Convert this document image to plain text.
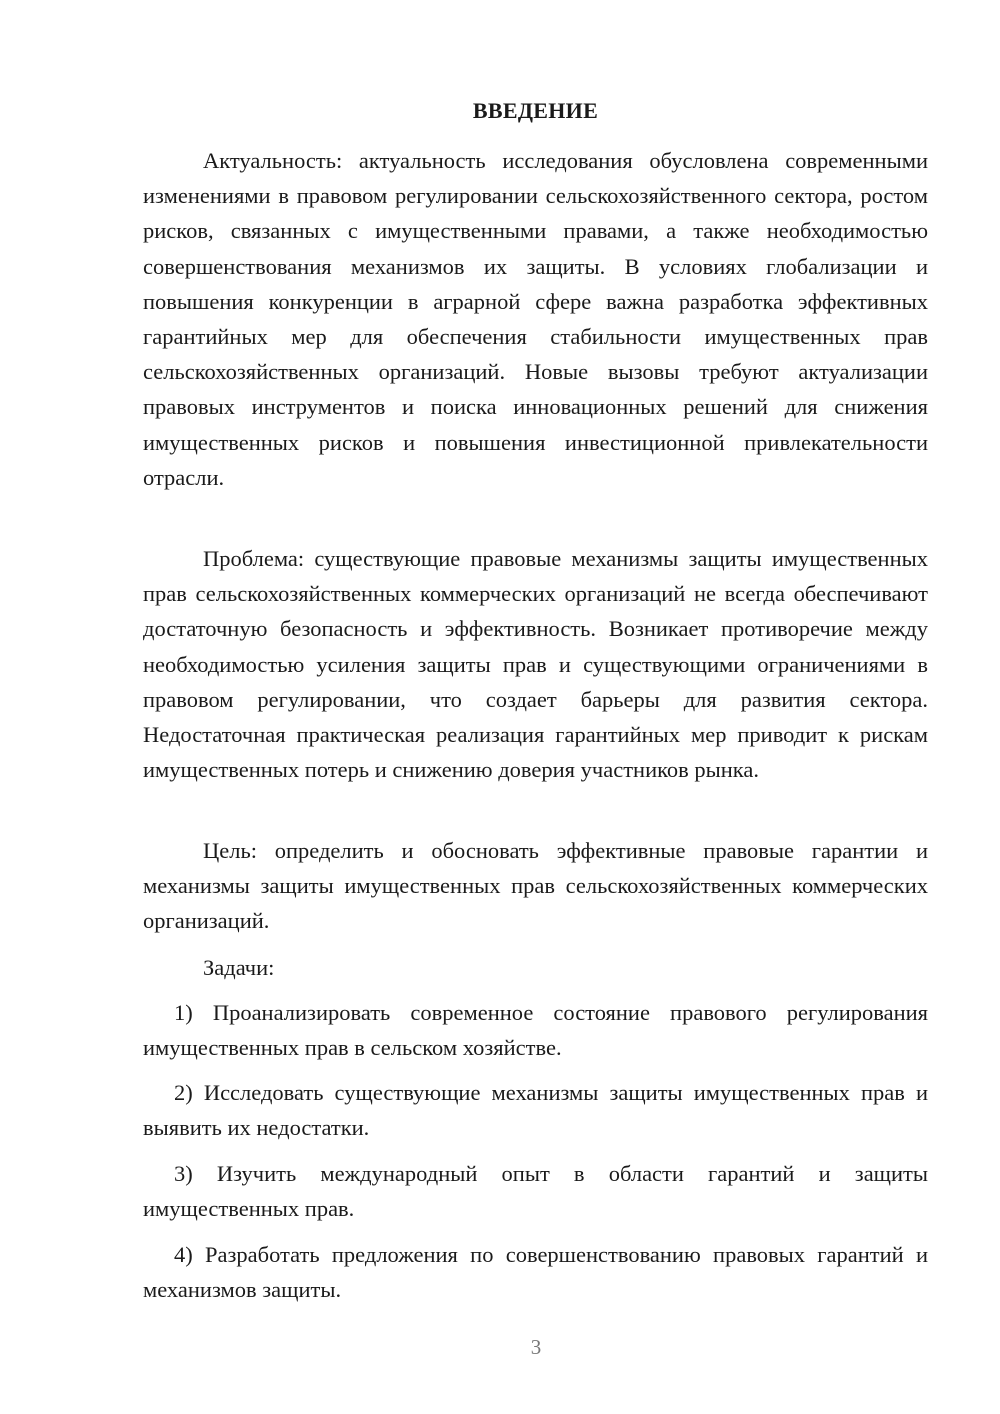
ВВЕДЕНИЕ

Актуальность: актуальность исследования обусловлена современными изменениями в правовом регулировании сельскохозяйственного сектора, ростом рисков, связанных с имущественными правами, а также необходимостью совершенствования механизмов их защиты. В условиях глобализации и повышения конкуренции в аграрной сфере важна разработка эффективных гарантийных мер для обеспечения стабильности имущественных прав сельскохозяйственных организаций. Новые вызовы требуют актуализации правовых инструментов и поиска инновационных решений для снижения имущественных рисков и повышения инвестиционной привлекательности отрасли.

Проблема: существующие правовые механизмы защиты имущественных прав сельскохозяйственных коммерческих организаций не всегда обеспечивают достаточную безопасность и эффективность. Возникает противоречие между необходимостью усиления защиты прав и существующими ограничениями в правовом регулировании, что создает барьеры для развития сектора. Недостаточная практическая реализация гарантийных мер приводит к рискам имущественных потерь и снижению доверия участников рынка.

Цель: определить и обосновать эффективные правовые гарантии и механизмы защиты имущественных прав сельскохозяйственных коммерческих организаций.

Задачи:

1) Проанализировать современное состояние правового регулирования имущественных прав в сельском хозяйстве.

2) Исследовать существующие механизмы защиты имущественных прав и выявить их недостатки.

3) Изучить международный опыт в области гарантий и защиты имущественных прав.

4) Разработать предложения по совершенствованию правовых гарантий и механизмов защиты.

3
